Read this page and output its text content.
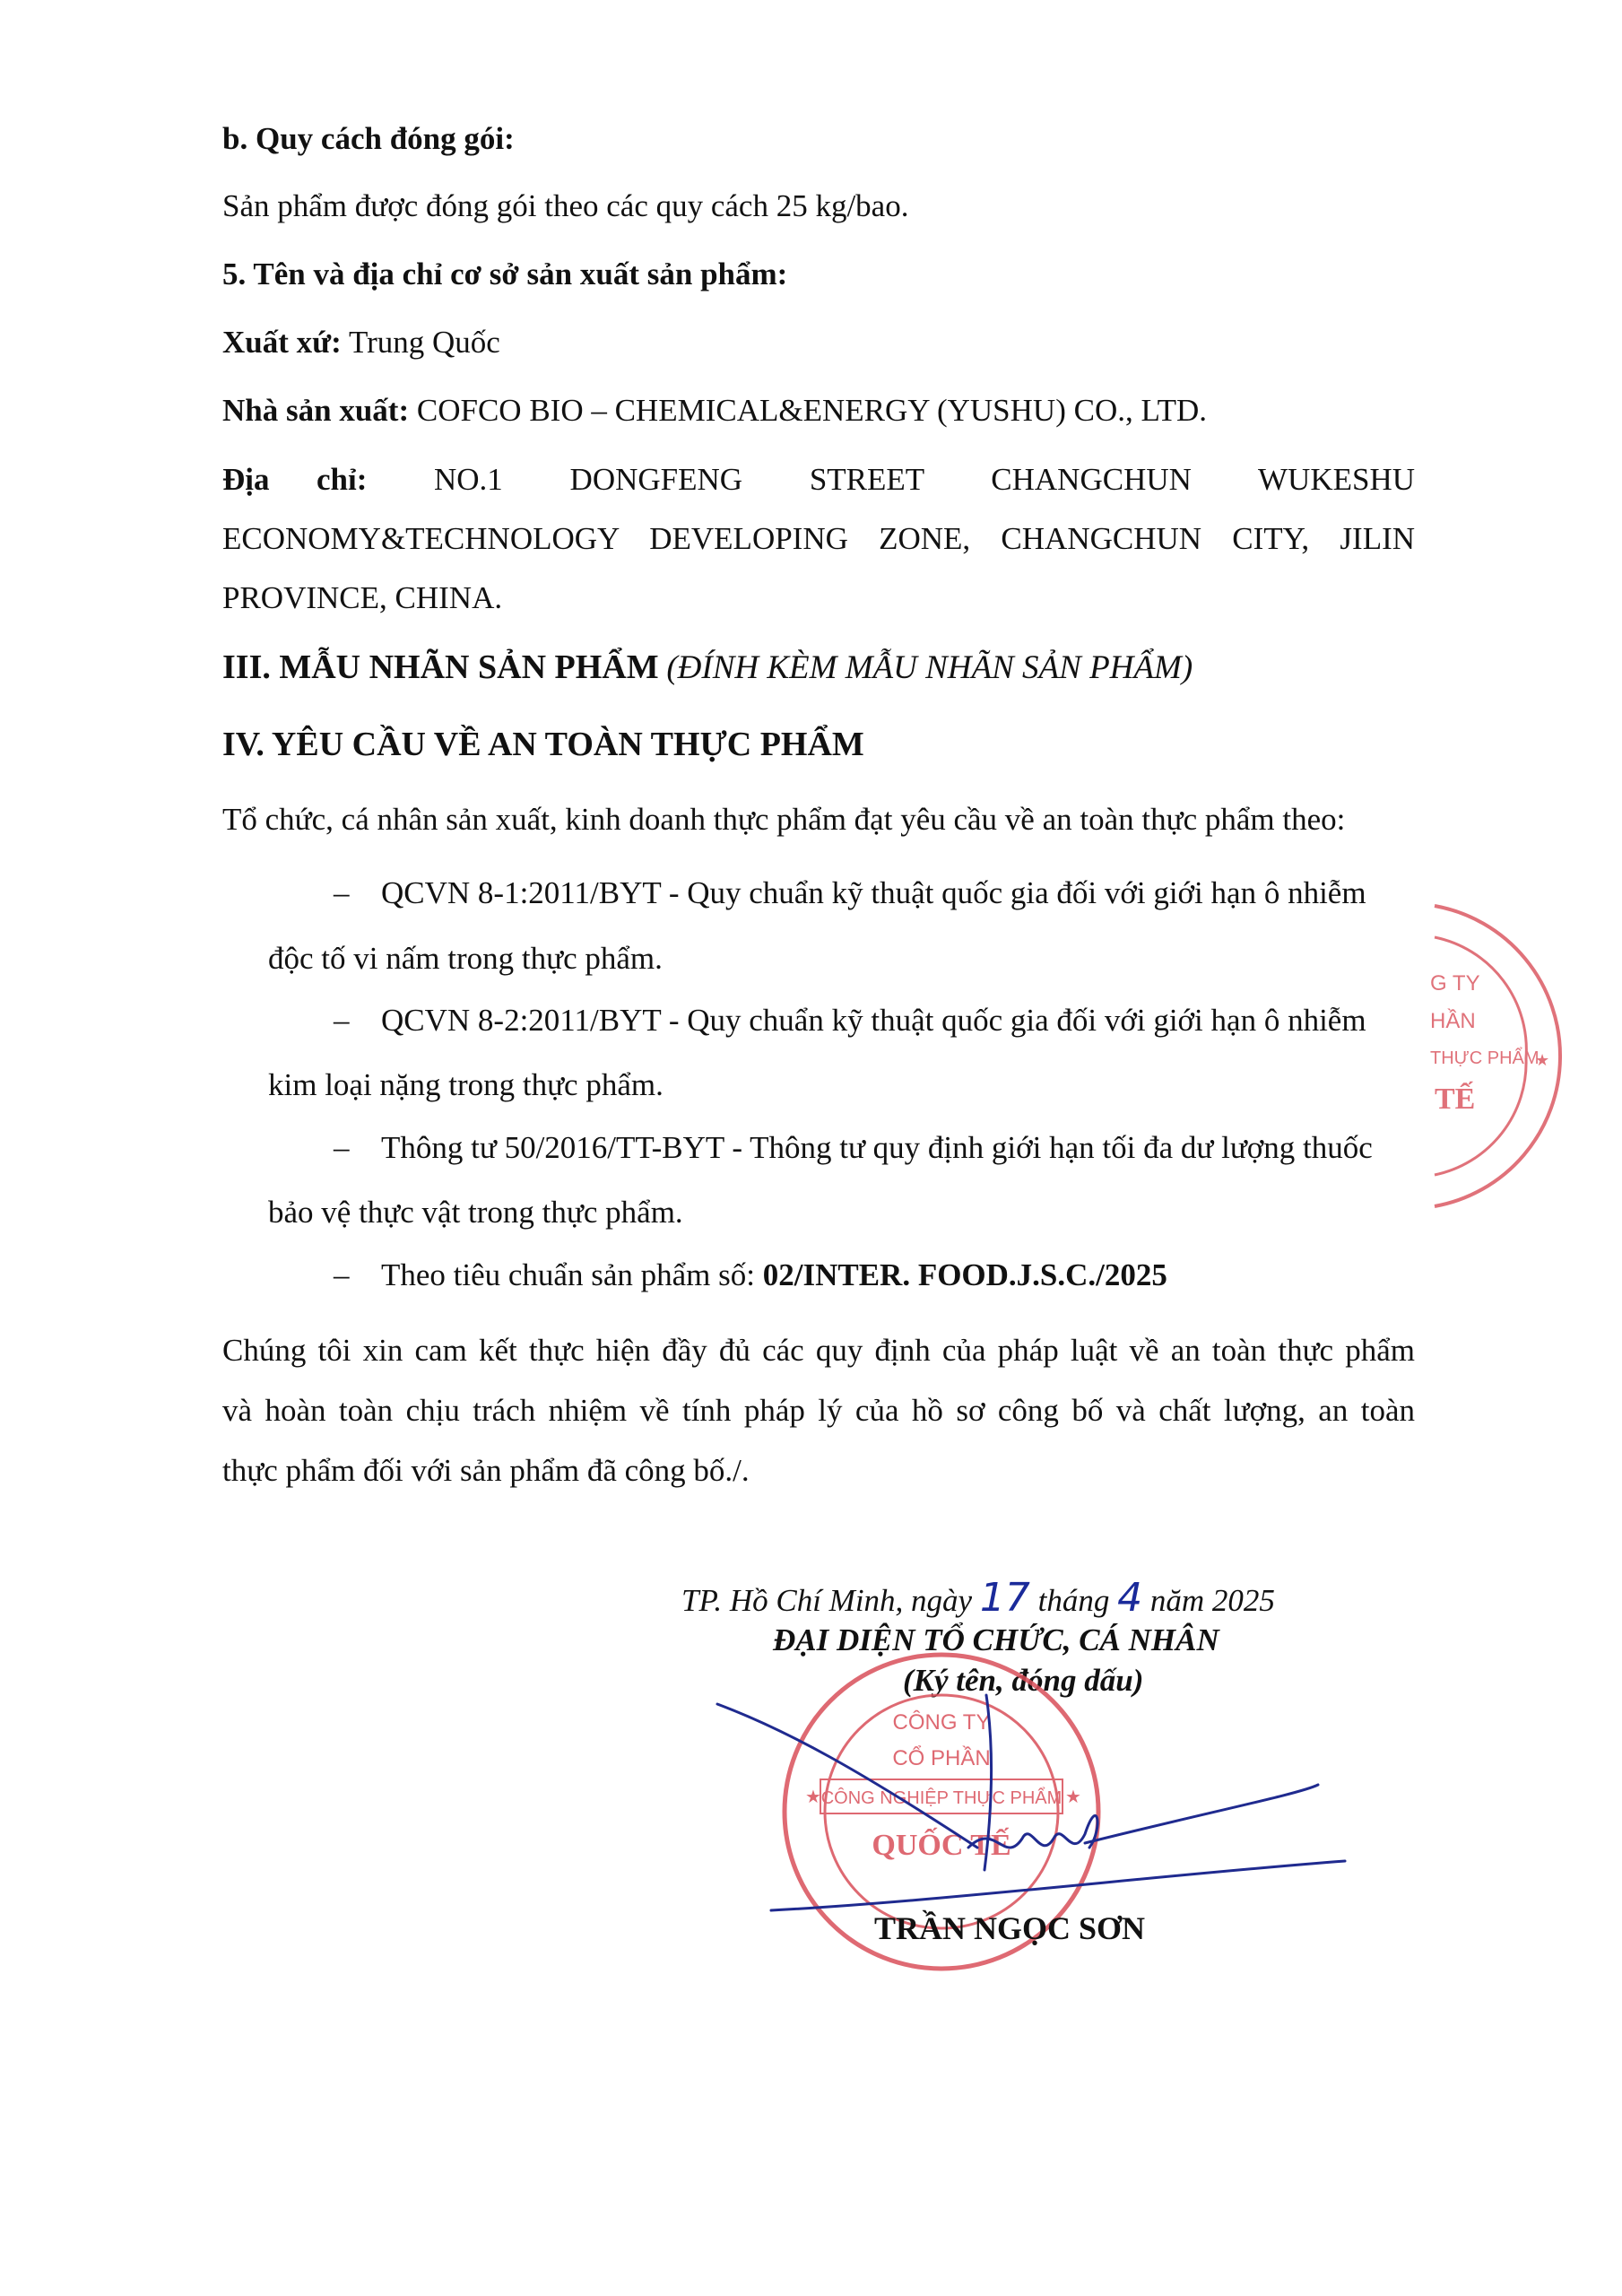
b. Quy cách đóng gói:
Sản phẩm được đóng gói theo các quy cách 25 kg/bao.
5. Tên và địa chỉ cơ sở sản xuất sản phẩm:
Xuất xứ: Trung Quốc
Nhà sản xuất: COFCO BIO – CHEMICAL&ENERGY (YUSHU) CO., LTD.
Địa      chỉ: NO.1 DONGFENG STREET CHANGCHUN WUKESHU
ECONOMY&TECHNOLOGY DEVELOPING ZONE, CHANGCHUN CITY, JILIN
PROVINCE, CHINA.
III. MẪU NHÃN SẢN PHẨM (ĐÍNH KÈM MẪU NHÃN SẢN PHẨM)
IV. YÊU CẦU VỀ AN TOÀN THỰC PHẨM
Tổ chức, cá nhân sản xuất, kinh doanh thực phẩm đạt yêu cầu về an toàn thực phẩm theo:
– QCVN 8-1:2011/BYT - Quy chuẩn kỹ thuật quốc gia đối với giới hạn ô nhiễm
độc tố vi nấm trong thực phẩm.
– QCVN 8-2:2011/BYT - Quy chuẩn kỹ thuật quốc gia đối với giới hạn ô nhiễm
kim loại nặng trong thực phẩm.
– Thông tư 50/2016/TT-BYT - Thông tư quy định giới hạn tối đa dư lượng thuốc
bảo vệ thực vật trong thực phẩm.
– Theo tiêu chuẩn sản phẩm số: 02/INTER. FOOD.J.S.C./2025
Chúng tôi xin cam kết thực hiện đầy đủ các quy định của pháp luật về an toàn thực phẩm
và hoàn toàn chịu trách nhiệm về tính pháp lý của hồ sơ công bố và chất lượng, an toàn
thực phẩm đối với sản phẩm đã công bố./.
TP. Hồ Chí Minh, ngày 17 tháng 4 năm 2025
ĐẠI DIỆN TỔ CHỨC, CÁ NHÂN
(Ký tên, đóng dấu)
CÔNG TY
CỔ PHẦN
CÔNG NGHIỆP THỰC PHẨM
QUỐC TẾ
★	★
G TY
HẦN
THỰC PHẨM
TẾ
★
TRẦN NGỌC SƠN
